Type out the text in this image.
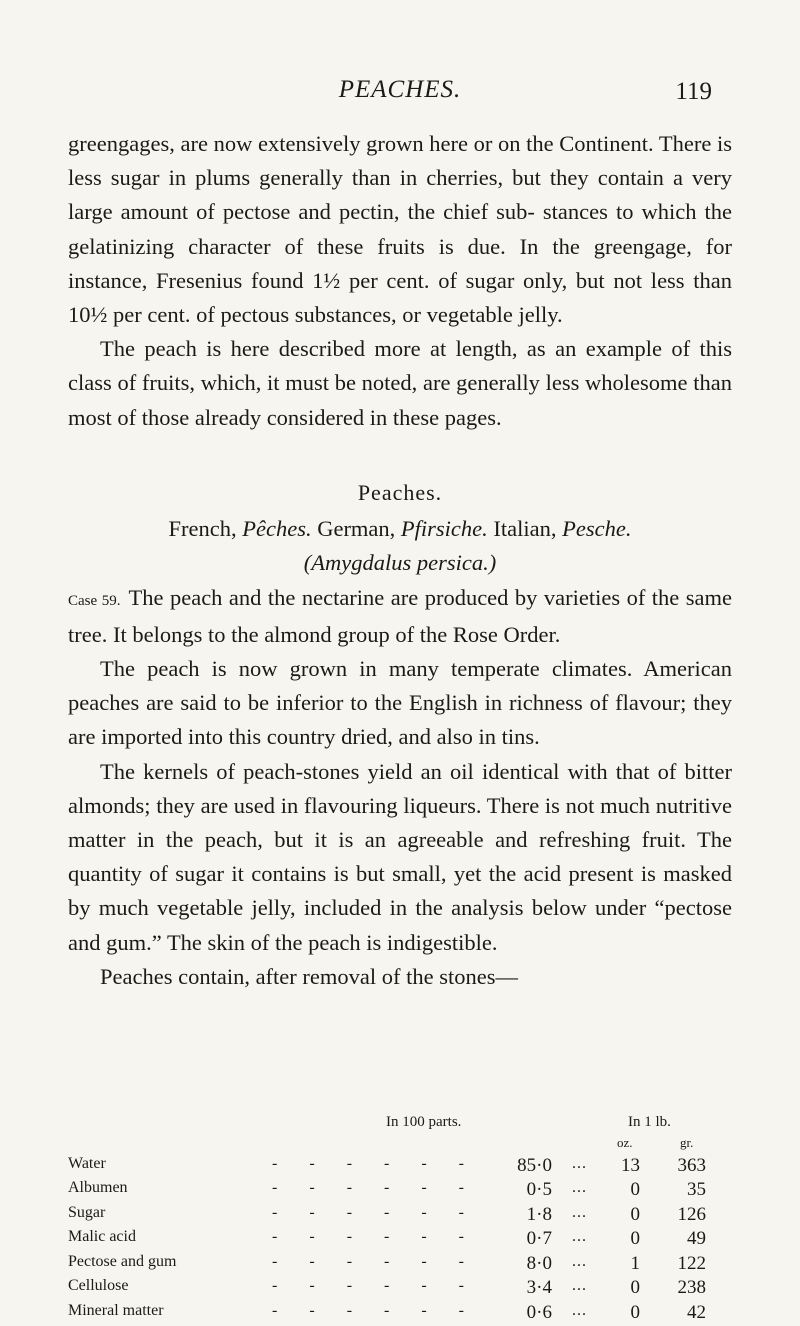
PEACHES.	119

greengages, are now extensively grown here or on the Continent. There is less sugar in plums generally than in cherries, but they contain a very large amount of pectose and pectin, the chief sub- stances to which the gelatinizing character of these fruits is due. In the greengage, for instance, Fresenius found 1½ per cent. of sugar only, but not less than 10½ per cent. of pectous substances, or vegetable jelly.

The peach is here described more at length, as an example of this class of fruits, which, it must be noted, are generally less wholesome than most of those already considered in these pages.

Peaches.

French, Pêches. German, Pfirsiche. Italian, Pesche.

(Amygdalus persica.)

Case 59. The peach and the nectarine are produced by varieties of the same tree. It belongs to the almond group of the Rose Order.

The peach is now grown in many temperate climates. American peaches are said to be inferior to the English in richness of flavour; they are imported into this country dried, and also in tins.

The kernels of peach-stones yield an oil identical with that of bitter almonds; they are used in flavouring liqueurs. There is not much nutritive matter in the peach, but it is an agreeable and refreshing fruit. The quantity of sugar it contains is but small, yet the acid present is masked by much vegetable jelly, included in the analysis below under “pectose and gum.” The skin of the peach is indigestible.

Peaches contain, after removal of the stones—

In 100 parts.	In 1 lb.
oz.	gr.
Water	85·0 ... 13	363
- - - - - -
Albumen	0·5 ...	0	35
- - - - - -
Sugar	1·8 ...	0	126
- - - - - -
Malic acid	0·7 ...	0	49
- - - - - -
Pectose and gum	8·0 ...	1	122
- - - - - -
Cellulose	3·4 ...	0	238
- - - - - -
Mineral matter	0·6 ...	0	42
- - - - - -
